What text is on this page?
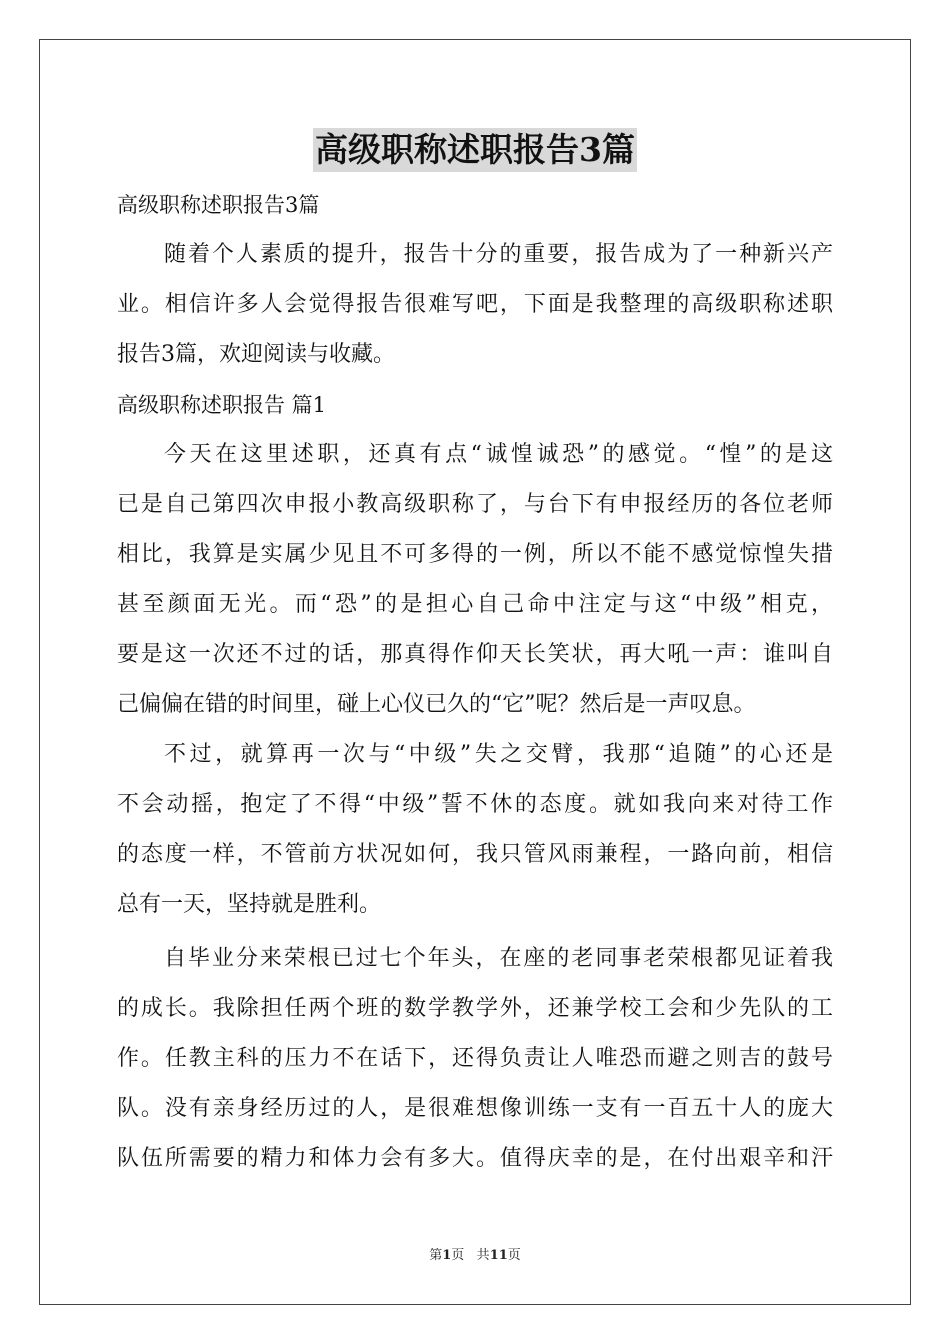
高级职称述职报告3篇
高级职称述职报告3篇
随着个人素质的提升，报告十分的重要，报告成为了一种新兴产
业。相信许多人会觉得报告很难写吧，下面是我整理的高级职称述职
报告3篇，欢迎阅读与收藏。
高级职称述职报告 篇1
今天在这里述职，还真有点“诚惶诚恐”的感觉。“惶”的是这
已是自己第四次申报小教高级职称了，与台下有申报经历的各位老师
相比，我算是实属少见且不可多得的一例，所以不能不感觉惊惶失措
甚至颜面无光。而“恐”的是担心自己命中注定与这“中级”相克，
要是这一次还不过的话，那真得作仰天长笑状，再大吼一声：谁叫自
己偏偏在错的时间里，碰上心仪已久的“它”呢？然后是一声叹息。
不过，就算再一次与“中级”失之交臂，我那“追随”的心还是
不会动摇，抱定了不得“中级”誓不休的态度。就如我向来对待工作
的态度一样，不管前方状况如何，我只管风雨兼程，一路向前，相信
总有一天，坚持就是胜利。
自毕业分来荣根已过七个年头，在座的老同事老荣根都见证着我
的成长。我除担任两个班的数学教学外，还兼学校工会和少先队的工
作。任教主科的压力不在话下，还得负责让人唯恐而避之则吉的鼓号
队。没有亲身经历过的人，是很难想像训练一支有一百五十人的庞大
队伍所需要的精力和体力会有多大。值得庆幸的是，在付出艰辛和汗
第1页 共11页
